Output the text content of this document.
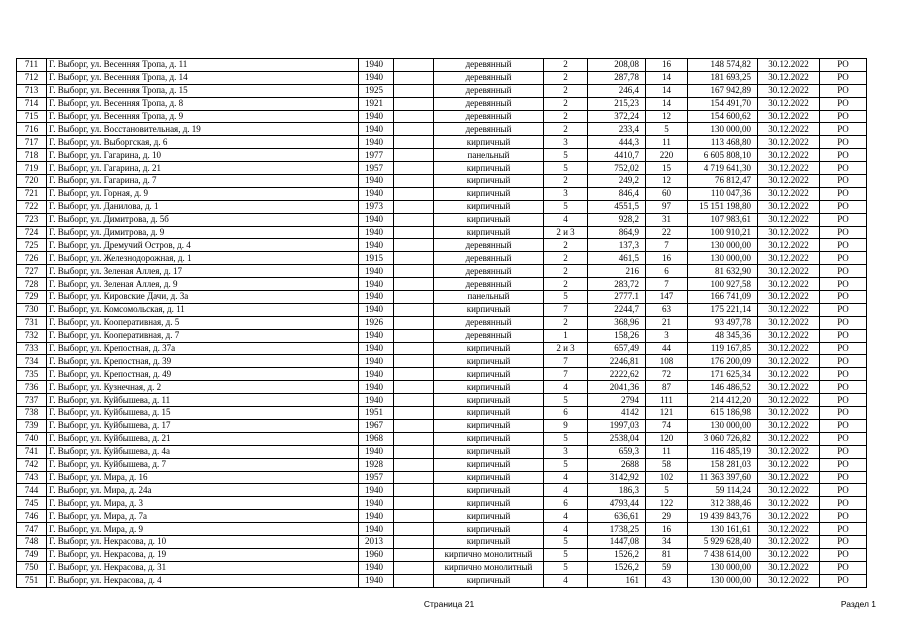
711	Г. Выборг, ул. Весенняя Тропа, д. 11	1940		деревянный	2	208,08	16	148 574,82	30.12.2022	РО
712	Г. Выборг, ул. Весенняя Тропа, д. 14	1940		деревянный	2	287,78	14	181 693,25	30.12.2022	РО
713	Г. Выборг, ул. Весенняя Тропа, д. 15	1925		деревянный	2	246,4	14	167 942,89	30.12.2022	РО
714	Г. Выборг, ул. Весенняя Тропа, д. 8	1921		деревянный	2	215,23	14	154 491,70	30.12.2022	РО
715	Г. Выборг, ул. Весенняя Тропа, д. 9	1940		деревянный	2	372,24	12	154 600,62	30.12.2022	РО
716	Г. Выборг, ул. Восстановительная, д. 19	1940		деревянный	2	233,4	5	130 000,00	30.12.2022	РО
717	Г. Выборг, ул. Выборгская, д. 6	1940		кирпичный	3	444,3	11	113 468,80	30.12.2022	РО
718	Г. Выборг, ул. Гагарина, д. 10	1977		панельный	5	4410,7	220	6 605 808,10	30.12.2022	РО
719	Г. Выборг, ул. Гагарина, д. 21	1957		кирпичный	5	752,02	15	4 719 641,30	30.12.2022	РО
720	Г. Выборг, ул. Гагарина, д. 7	1940		кирпичный	2	249,2	12	76 812,47	30.12.2022	РО
721	Г. Выборг, ул. Горная, д. 9	1940		кирпичный	3	846,4	60	110 047,36	30.12.2022	РО
722	Г. Выборг, ул. Данилова, д. 1	1973		кирпичный	5	4551,5	97	15 151 198,80	30.12.2022	РО
723	Г. Выборг, ул. Димитрова, д. 5б	1940		кирпичный	4	928,2	31	107 983,61	30.12.2022	РО
724	Г. Выборг, ул. Димитрова, д. 9	1940		кирпичный	2 и 3	864,9	22	100 910,21	30.12.2022	РО
725	Г. Выборг, ул. Дремучий Остров, д. 4	1940		деревянный	2	137,3	7	130 000,00	30.12.2022	РО
726	Г. Выборг, ул. Железнодорожная, д. 1	1915		деревянный	2	461,5	16	130 000,00	30.12.2022	РО
727	Г. Выборг, ул. Зеленая Аллея, д. 17	1940		деревянный	2	216	6	81 632,90	30.12.2022	РО
728	Г. Выборг, ул. Зеленая Аллея, д. 9	1940		деревянный	2	283,72	7	100 927,58	30.12.2022	РО
729	Г. Выборг, ул. Кировские Дачи, д. 3а	1940		панельный	5	2777.1	147	166 741,09	30.12.2022	РО
730	Г. Выборг, ул. Комсомольская, д. 11	1940		кирпичный	7	2244,7	63	175 221,14	30.12.2022	РО
731	Г. Выборг, ул. Кооперативная, д. 5	1926		деревянный	2	368,96	21	93 497,78	30.12.2022	РО
732	Г. Выборг, ул. Кооперативная, д. 7	1940		деревянный	1	158,26	3	48 345,36	30.12.2022	РО
733	Г. Выборг, ул. Крепостная, д. 37а	1940		кирпичный	2 и 3	657,49	44	119 167,85	30.12.2022	РО
734	Г. Выборг, ул. Крепостная, д. 39	1940		кирпичный	7	2246,81	108	176 200,09	30.12.2022	РО
735	Г. Выборг, ул. Крепостная, д. 49	1940		кирпичный	7	2222,62	72	171 625,34	30.12.2022	РО
736	Г. Выборг, ул. Кузнечная, д. 2	1940		кирпичный	4	2041,36	87	146 486,52	30.12.2022	РО
737	Г. Выборг, ул. Куйбышева, д. 11	1940		кирпичный	5	2794	111	214 412,20	30.12.2022	РО
738	Г. Выборг, ул. Куйбышева, д. 15	1951		кирпичный	6	4142	121	615 186,98	30.12.2022	РО
739	Г. Выборг, ул. Куйбышева, д. 17	1967		кирпичный	9	1997,03	74	130 000,00	30.12.2022	РО
740	Г. Выборг, ул. Куйбышева, д. 21	1968		кирпичный	5	2538,04	120	3 060 726,82	30.12.2022	РО
741	Г. Выборг, ул. Куйбышева, д. 4а	1940		кирпичный	3	659,3	11	116 485,19	30.12.2022	РО
742	Г. Выборг, ул. Куйбышева, д. 7	1928		кирпичный	5	2688	58	158 281,03	30.12.2022	РО
743	Г. Выборг, ул. Мира, д. 16	1957		кирпичный	4	3142,92	102	11 363 397,60	30.12.2022	РО
744	Г. Выборг, ул. Мира, д. 24а	1940		кирпичный	4	186,3	5	59 114,24	30.12.2022	РО
745	Г. Выборг, ул. Мира, д. 3	1940		кирпичный	6	4793,44	122	312 388,46	30.12.2022	РО
746	Г. Выборг, ул. Мира, д. 7а	1940		кирпичный	4	636,61	29	19 439 843,76	30.12.2022	РО
747	Г. Выборг, ул. Мира, д. 9	1940		кирпичный	4	1738,25	16	130 161,61	30.12.2022	РО
748	Г. Выборг, ул. Некрасова, д. 10	2013		кирпичный	5	1447,08	34	5 929 628,40	30.12.2022	РО
749	Г. Выборг, ул. Некрасова, д. 19	1960		кирпично монолитный	5	1526,2	81	7 438 614,00	30.12.2022	РО
750	Г. Выборг, ул. Некрасова, д. 31	1940		кирпично монолитный	5	1526,2	59	130 000,00	30.12.2022	РО
751	Г. Выборг, ул. Некрасова, д. 4	1940		кирпичный	4	161	43	130 000,00	30.12.2022	РО
Страница 21	Раздел 1
